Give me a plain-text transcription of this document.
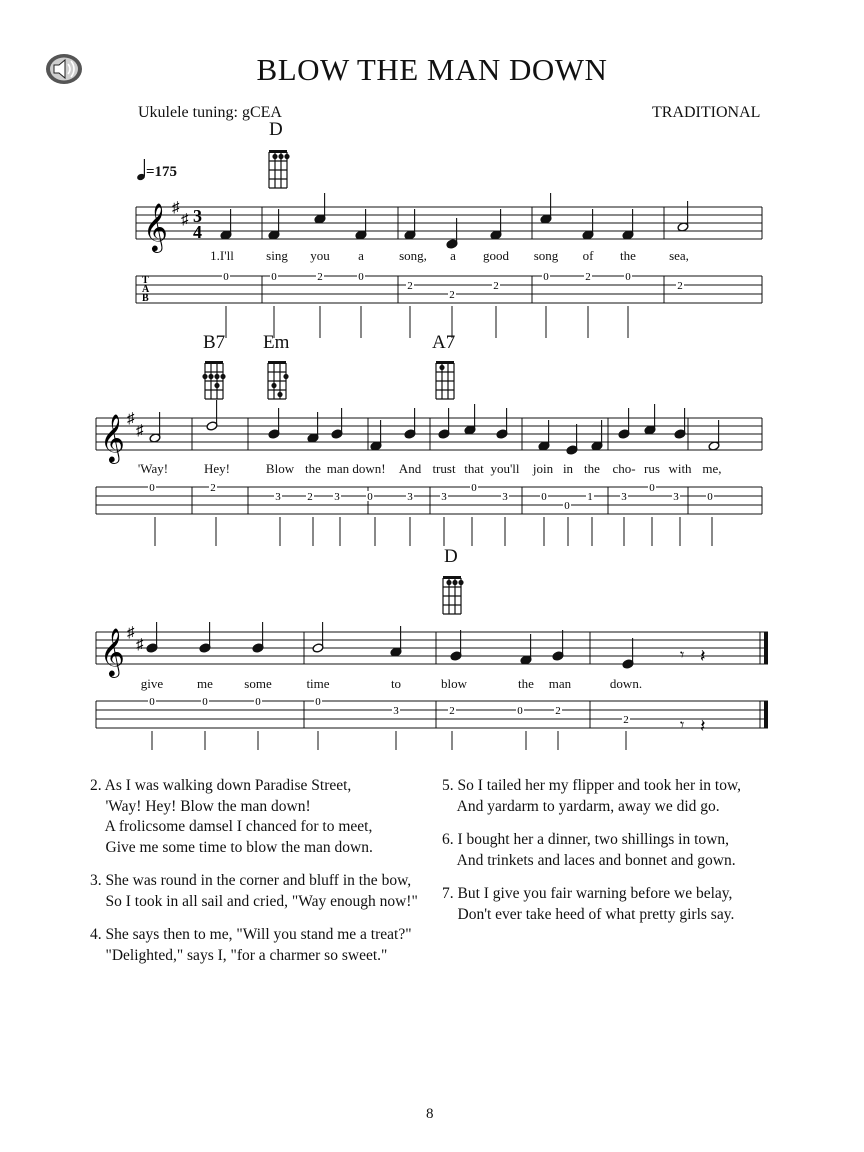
BLOW THE MAN DOWN
Ukulele tuning: gCEA	TRADITIONAL
=175
D
B7 Em	A7
D
𝄞 ♯
♯ 3
4
T
A
B
0	0	2	0
2
2
2
0	2	0
2
𝄞 ♯
♯
0	2
3 2 3	0	3	3
0
3	0
0
1	3
0
3	0
𝄞 ♯
♯
0	0	0	0
3	2	0	2
2
𝄾 𝄽
𝄾 𝄽
1.I'll sing you a	song, a good song of the	sea,
'Way!	Hey!	Blow the man down! And trust that you'll join in the cho- rus with me,
give	me some	time	to	blow	the man	down.
2. As I was walking down Paradise Street,
'Way! Hey! Blow the man down!
A frolicsome damsel I chanced for to meet,
Give me some time to blow the man down.
3. She was round in the corner and bluff in the bow,
So I took in all sail and cried, "Way enough now!"
4. She says then to me, "Will you stand me a treat?"
"Delighted," says I, "for a charmer so sweet."
5. So I tailed her my flipper and took her in tow,
And yardarm to yardarm, away we did go.
6. I bought her a dinner, two shillings in town,
And trinkets and laces and bonnet and gown.
7. But I give you fair warning before we belay,
Don't ever take heed of what pretty girls say.
8
